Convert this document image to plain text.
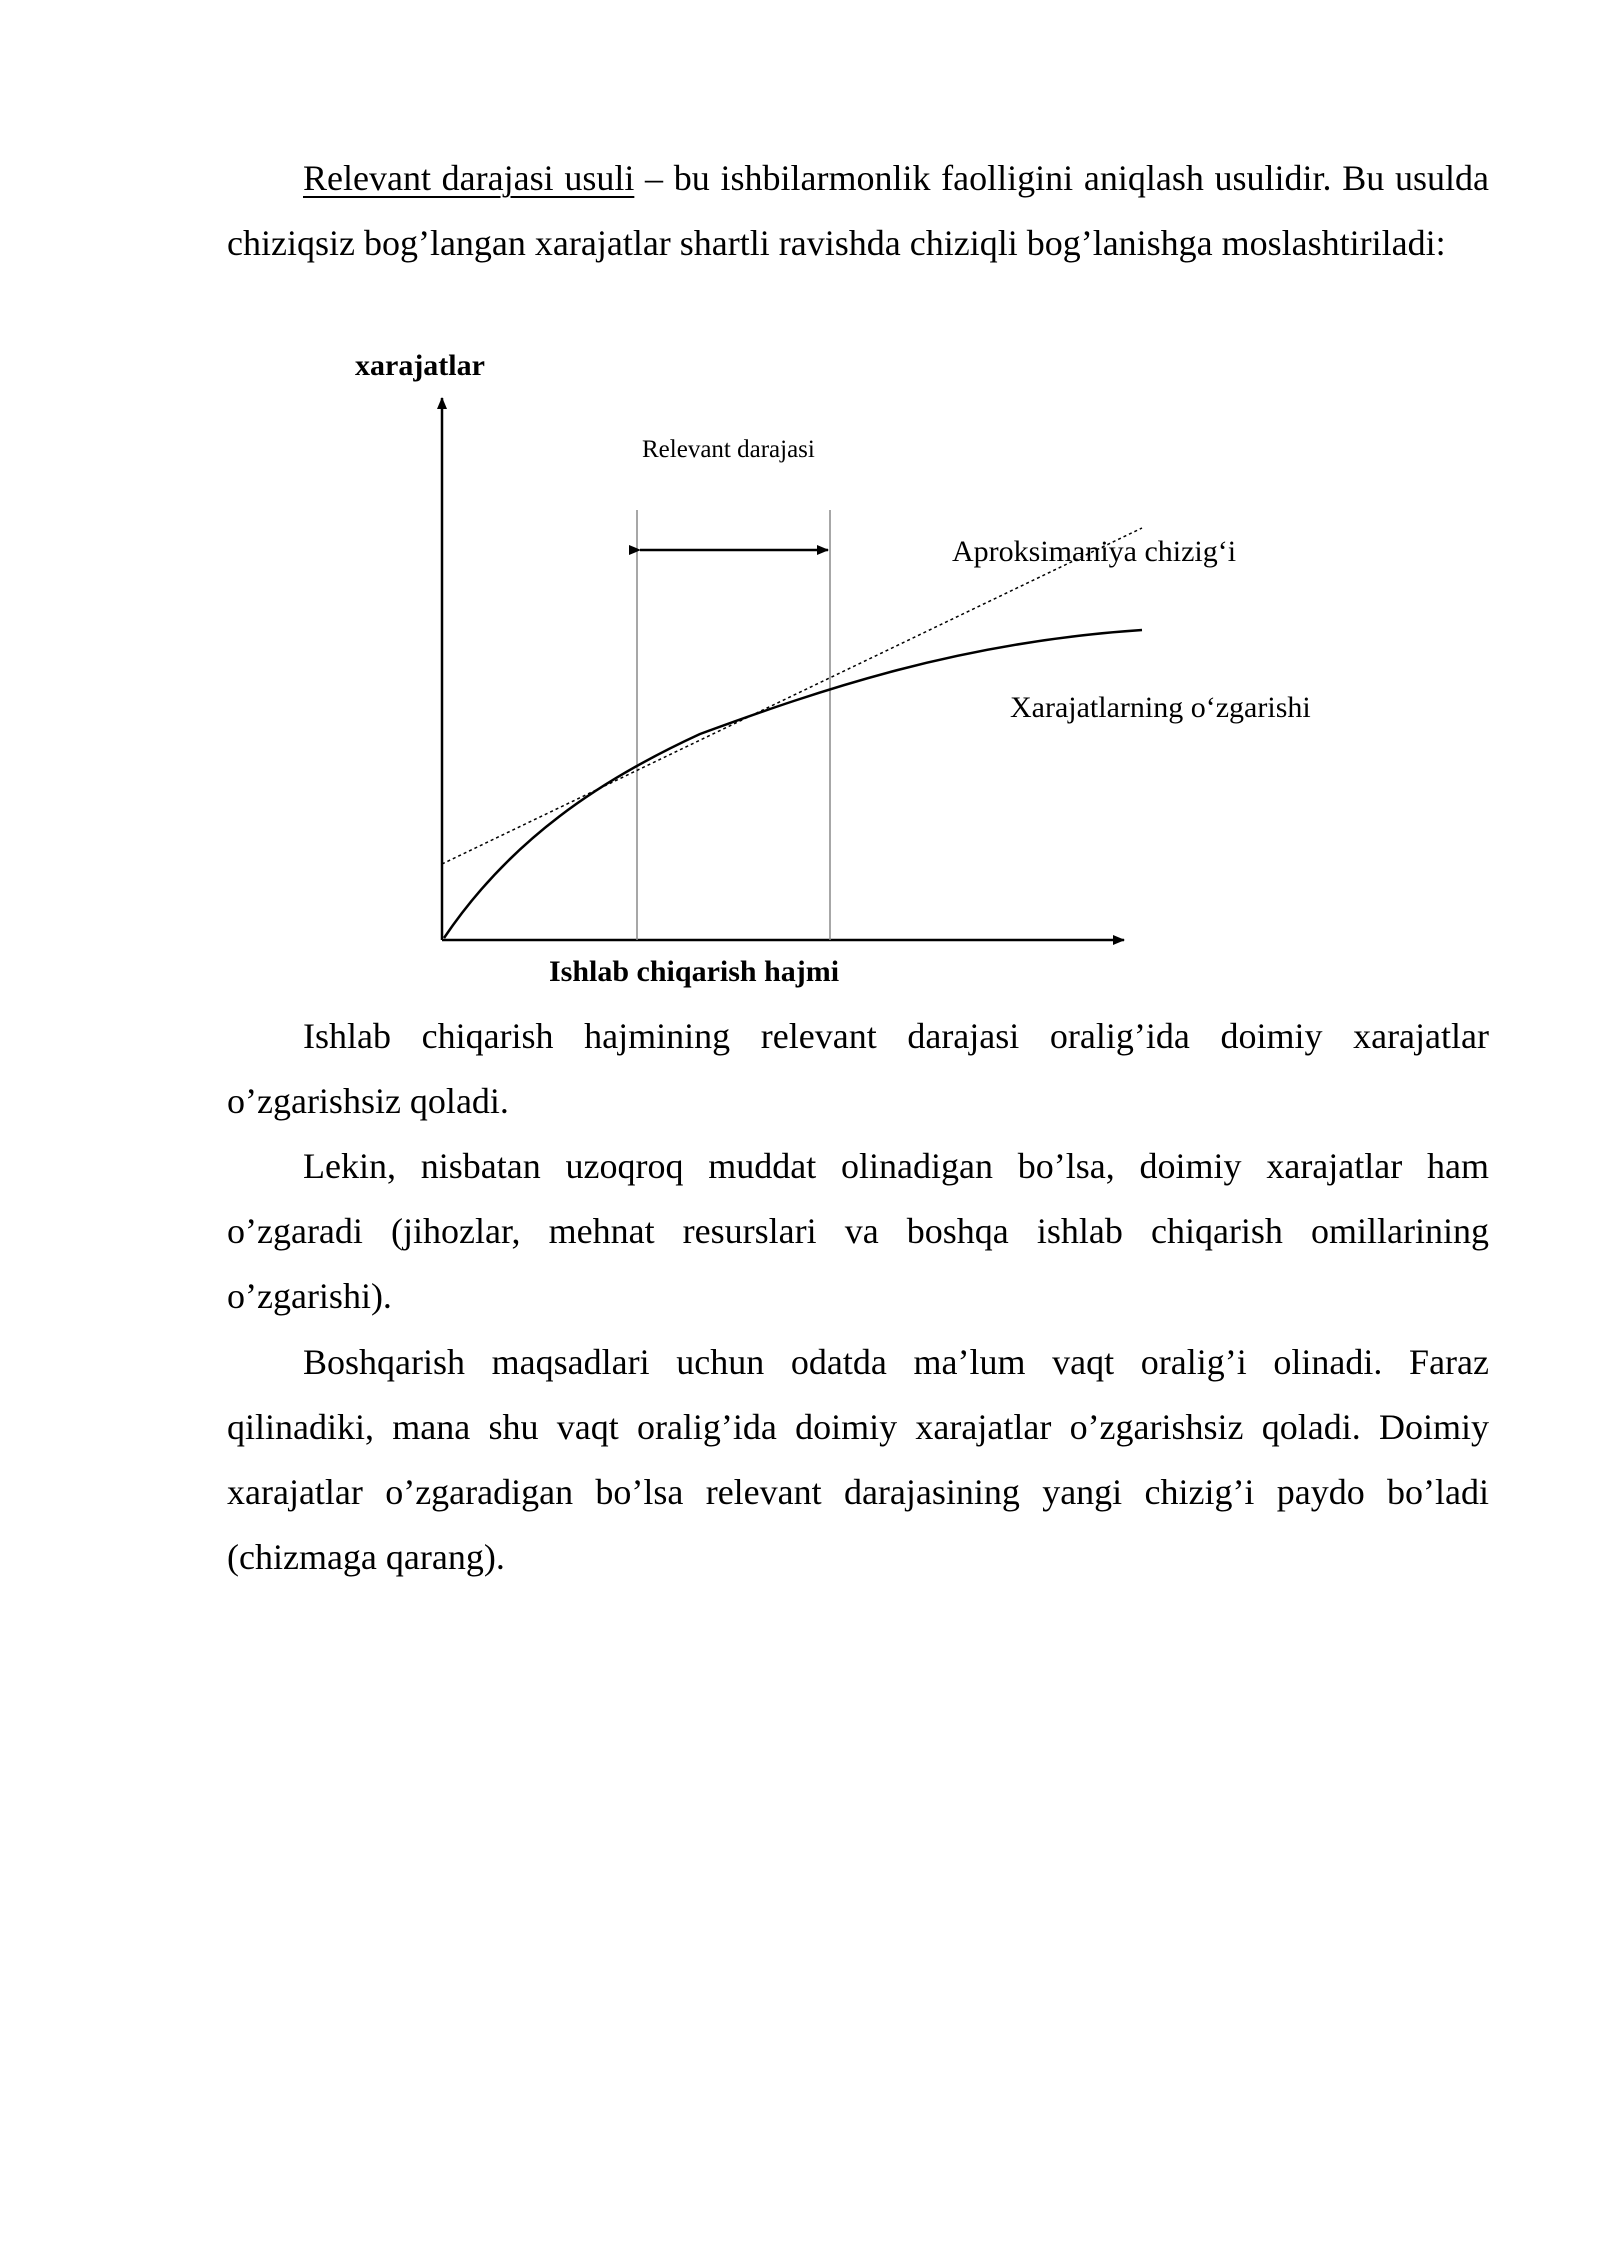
Relevant darajasi usuli – bu ishbilarmonlik faolligini aniqlash usulidir. Bu usulda chiziqsiz bog’langan xarajatlar shartli ravishda chiziqli bog’lanishga moslashtiriladi:

xarajatlar
Relevant darajasi
Aproksimaniya chizig‘i
Xarajatlarning o‘zgarishi
Ishlab chiqarish hajmi

Ishlab chiqarish hajmining relevant darajasi oralig’ida doimiy xarajatlar o’zgarishsiz qoladi.

Lekin, nisbatan uzoqroq muddat olinadigan bo’lsa, doimiy xarajatlar ham o’zgaradi (jihozlar, mehnat resurslari va boshqa ishlab chiqarish omillarining o’zgarishi).

Boshqarish maqsadlari uchun odatda ma’lum vaqt oralig’i olinadi. Faraz qilinadiki, mana shu vaqt oralig’ida doimiy xarajatlar o’zgarishsiz qoladi. Doimiy xarajatlar o’zgaradigan bo’lsa relevant darajasining yangi chizig’i paydo bo’ladi (chizmaga qarang).
